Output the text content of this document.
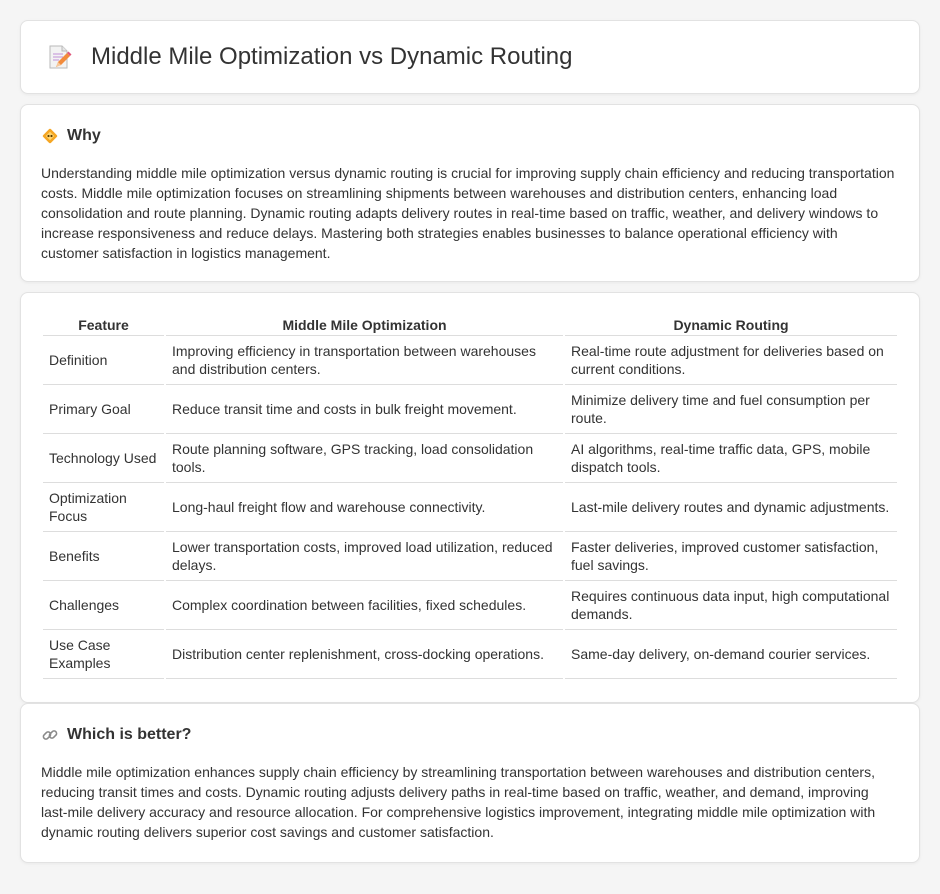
Middle Mile Optimization vs Dynamic Routing
Why

Understanding middle mile optimization versus dynamic routing is crucial for improving supply chain efficiency and reducing transportation costs. Middle mile optimization focuses on streamlining shipments between warehouses and distribution centers, enhancing load consolidation and route planning. Dynamic routing adapts delivery routes in real-time based on traffic, weather, and delivery windows to increase responsiveness and reduce delays. Mastering both strategies enables businesses to balance operational efficiency with customer satisfaction in logistics management.

Feature	Middle Mile Optimization	Dynamic Routing
Definition	Improving efficiency in transportation between warehouses and distribution centers.	Real-time route adjustment for deliveries based on current conditions.
Primary Goal	Reduce transit time and costs in bulk freight movement.	Minimize delivery time and fuel consumption per route.
Technology Used	Route planning software, GPS tracking, load consolidation tools.	AI algorithms, real-time traffic data, GPS, mobile dispatch tools.
Optimization Focus	Long-haul freight flow and warehouse connectivity.	Last-mile delivery routes and dynamic adjustments.
Benefits	Lower transportation costs, improved load utilization, reduced delays.	Faster deliveries, improved customer satisfaction, fuel savings.
Challenges	Complex coordination between facilities, fixed schedules.	Requires continuous data input, high computational demands.
Use Case Examples	Distribution center replenishment, cross-docking operations.	Same-day delivery, on-demand courier services.
Which is better?

Middle mile optimization enhances supply chain efficiency by streamlining transportation between warehouses and distribution centers, reducing transit times and costs. Dynamic routing adjusts delivery paths in real-time based on traffic, weather, and demand, improving last-mile delivery accuracy and resource allocation. For comprehensive logistics improvement, integrating middle mile optimization with dynamic routing delivers superior cost savings and customer satisfaction.
